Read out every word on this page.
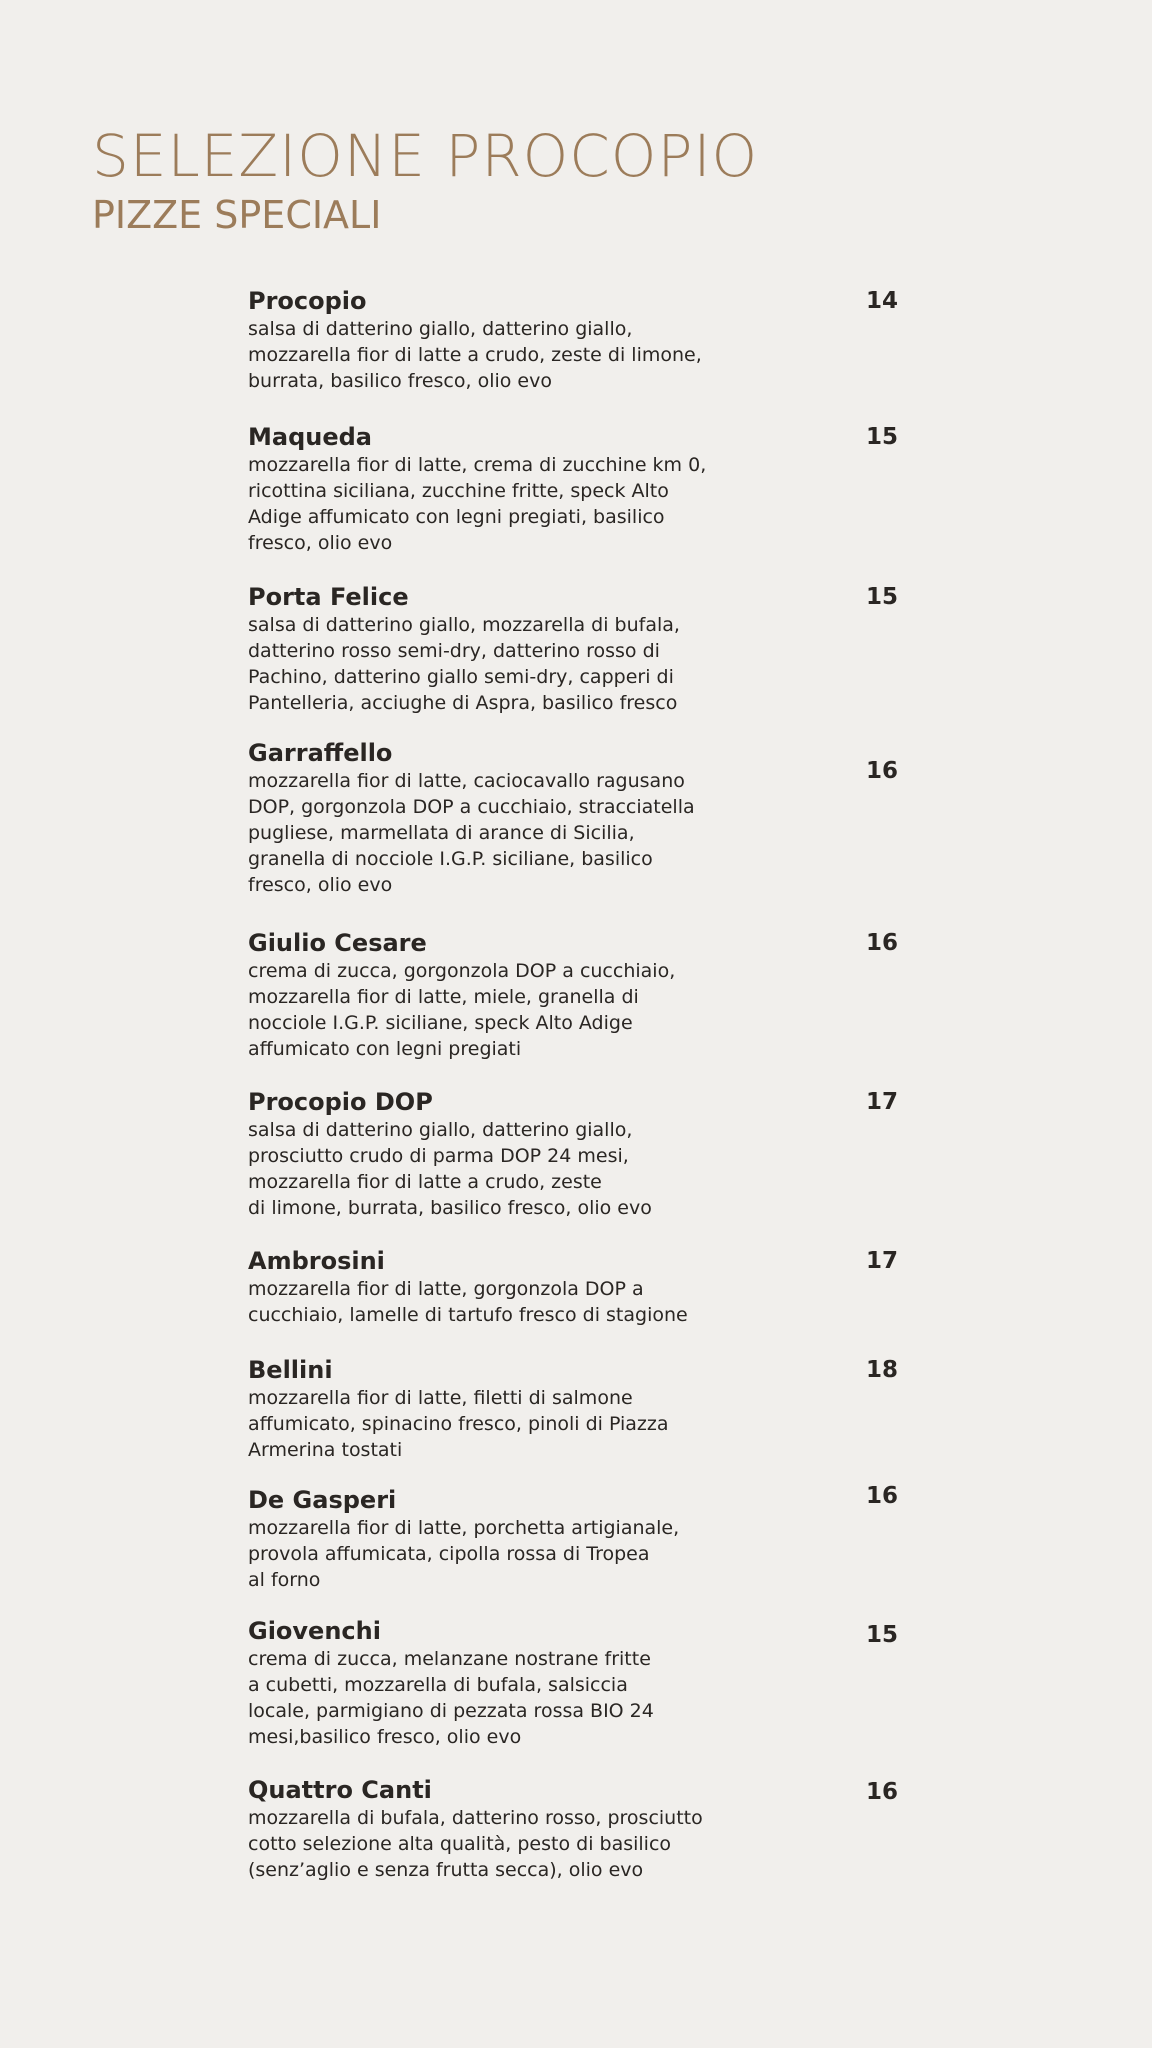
SELEZIONE PROCOPIO
PIZZE SPECIALI
Procopio
salsa di datterino giallo, datterino giallo,
mozzarella fior di latte a crudo, zeste di limone,
burrata, basilico fresco, olio evo
14
Maqueda
mozzarella fior di latte, crema di zucchine km 0,
ricottina siciliana, zucchine fritte, speck Alto
Adige affumicato con legni pregiati, basilico
fresco, olio evo
15
Porta Felice
salsa di datterino giallo, mozzarella di bufala,
datterino rosso semi-dry, datterino rosso di
Pachino, datterino giallo semi-dry, capperi di
Pantelleria, acciughe di Aspra, basilico fresco
15
Garraffello
mozzarella fior di latte, caciocavallo ragusano
DOP, gorgonzola DOP a cucchiaio, stracciatella
pugliese, marmellata di arance di Sicilia,
granella di nocciole I.G.P. siciliane, basilico
fresco, olio evo
16
Giulio Cesare
crema di zucca, gorgonzola DOP a cucchiaio,
mozzarella fior di latte, miele, granella di
nocciole I.G.P. siciliane, speck Alto Adige
affumicato con legni pregiati
16
Procopio DOP
salsa di datterino giallo, datterino giallo,
prosciutto crudo di parma DOP 24 mesi,
mozzarella fior di latte a crudo, zeste
di limone, burrata, basilico fresco, olio evo
17
Ambrosini
mozzarella fior di latte, gorgonzola DOP a
cucchiaio, lamelle di tartufo fresco di stagione
17
Bellini
mozzarella fior di latte, filetti di salmone
affumicato, spinacino fresco, pinoli di Piazza
Armerina tostati
18
De Gasperi
mozzarella fior di latte, porchetta artigianale,
provola affumicata, cipolla rossa di Tropea
al forno
16
Giovenchi
crema di zucca, melanzane nostrane fritte
a cubetti, mozzarella di bufala, salsiccia
locale, parmigiano di pezzata rossa BIO 24
mesi,basilico fresco, olio evo
15
Quattro Canti
mozzarella di bufala, datterino rosso, prosciutto
cotto selezione alta qualità, pesto di basilico
(senz’aglio e senza frutta secca), olio evo
16
